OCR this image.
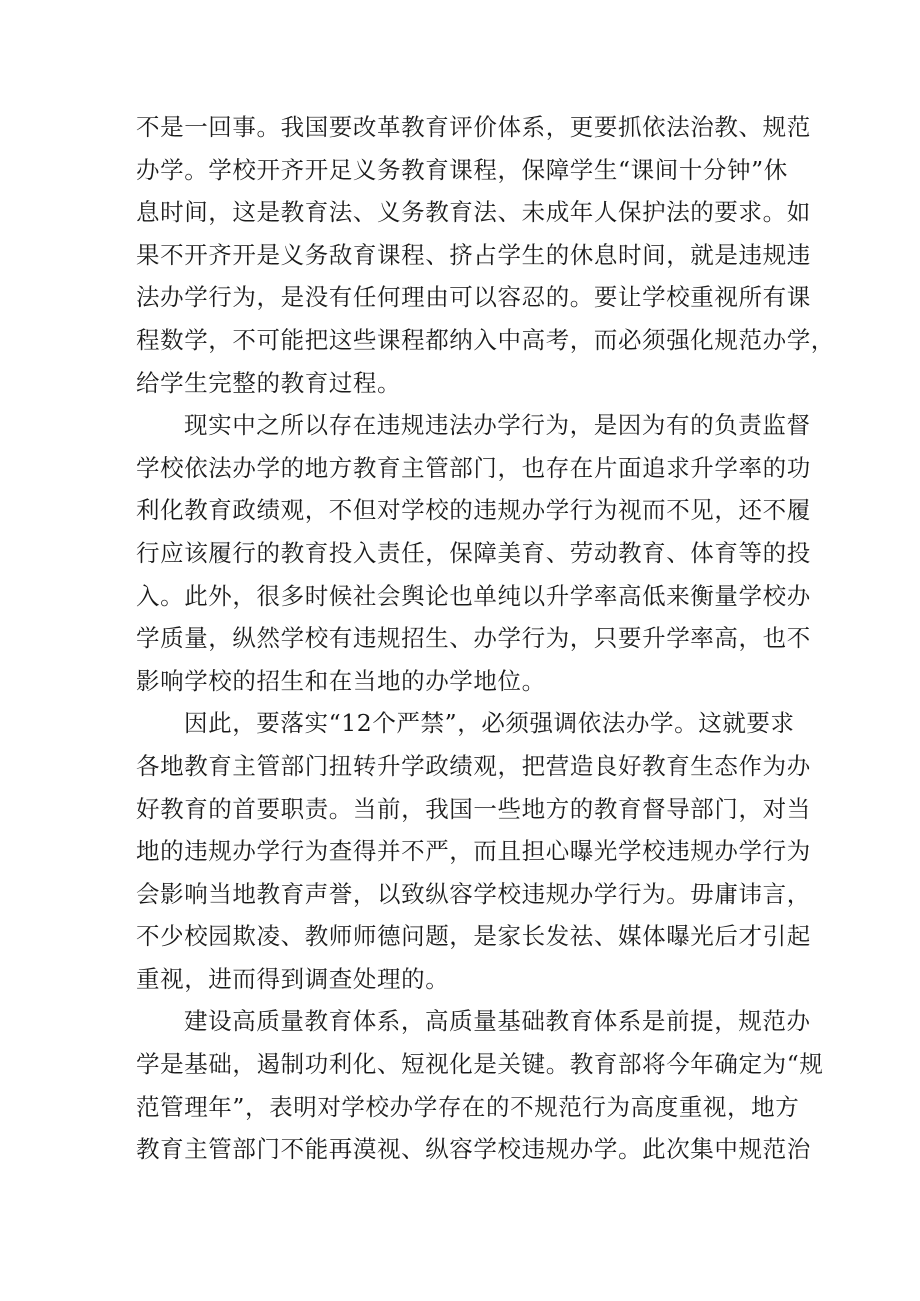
不是一回事。我国要改革教育评价体系，更要抓依法治教、规范
办学。学校开齐开足义务教育课程，保障学生“课间十分钟”休
息时间，这是教育法、义务教育法、未成年人保护法的要求。如
果不开齐开是义务敌育课程、挤占学生的休息时间，就是违规违
法办学行为，是没有任何理由可以容忍的。要让学校重视所有课
程数学，不可能把这些课程都纳入中高考，而必须强化规范办学，
给学生完整的教育过程。
现实中之所以存在违规违法办学行为，是因为有的负责监督
学校依法办学的地方教育主管部门，也存在片面追求升学率的功
利化教育政绩观，不但对学校的违规办学行为视而不见，还不履
行应该履行的教育投入责任，保障美育、劳动教育、体育等的投
入。此外，很多时候社会舆论也单纯以升学率高低来衡量学校办
学质量，纵然学校有违规招生、办学行为，只要升学率高，也不
影响学校的招生和在当地的办学地位。
因此，要落实“12个严禁”，必须强调依法办学。这就要求
各地教育主管部门扭转升学政绩观，把营造良好教育生态作为办
好教育的首要职责。当前，我国一些地方的教育督导部门，对当
地的违规办学行为查得并不严，而且担心曝光学校违规办学行为
会影响当地教育声誉，以致纵容学校违规办学行为。毋庸讳言，
不少校园欺凌、教师师德问题，是家长发祛、媒体曝光后才引起
重视，进而得到调查处理的。
建设高质量教育体系，高质量基础教育体系是前提，规范办
学是基础，遏制功利化、短视化是关键。教育部将今年确定为“规
范管理年”，表明对学校办学存在的不规范行为高度重视，地方
教育主管部门不能再漠视、纵容学校违规办学。此次集中规范治
